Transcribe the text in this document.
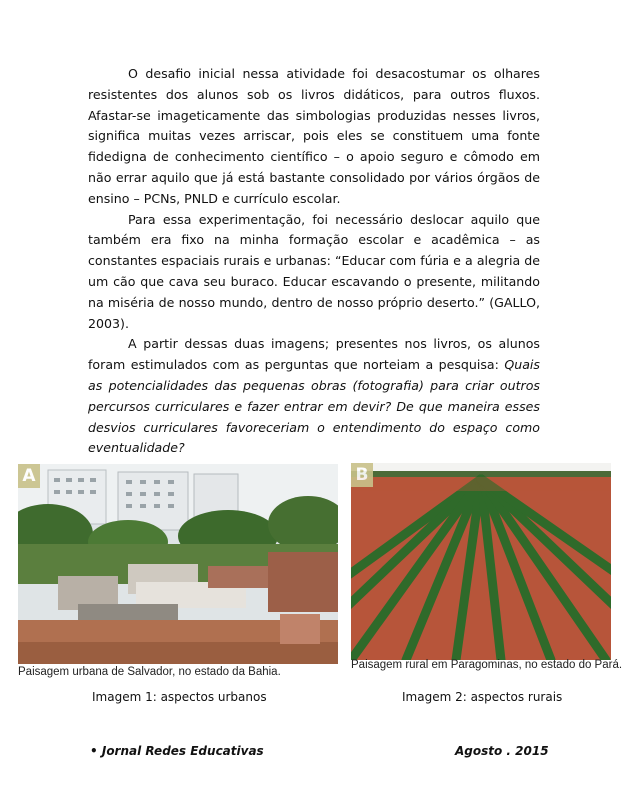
O desafio inicial nessa atividade foi desacostumar os olhares resistentes dos alunos sob os livros didáticos, para outros fluxos. Afastar-se imageticamente das simbologias produzidas nesses livros, significa muitas vezes arriscar, pois eles se constituem uma fonte fidedigna de conhecimento científico – o apoio seguro e cômodo em não errar aquilo que já está bastante consolidado por vários órgãos de ensino – PCNs, PNLD e currículo escolar.

Para essa experimentação, foi necessário deslocar aquilo que também era fixo na minha formação escolar e acadêmica – as constantes espaciais rurais e urbanas: “Educar com fúria e a alegria de um cão que cava seu buraco. Educar escavando o presente, militando na miséria de nosso mundo, dentro de nosso próprio deserto.” (GALLO, 2003).

A partir dessas duas imagens; presentes nos livros, os alunos foram estimulados com as perguntas que norteiam a pesquisa: Quais as potencialidades das pequenas obras (fotografia) para criar outros percursos curriculares e fazer entrar em devir? De que maneira esses desvios curriculares favoreceriam o entendimento do espaço como eventualidade?

A	B
Paisagem urbana de Salvador, no estado da Bahia.
Paisagem rural em Paragominas, no estado do Pará.
Imagem 1: aspectos urbanos	Imagem 2: aspectos rurais
• Jornal Redes Educativas	Agosto . 2015
